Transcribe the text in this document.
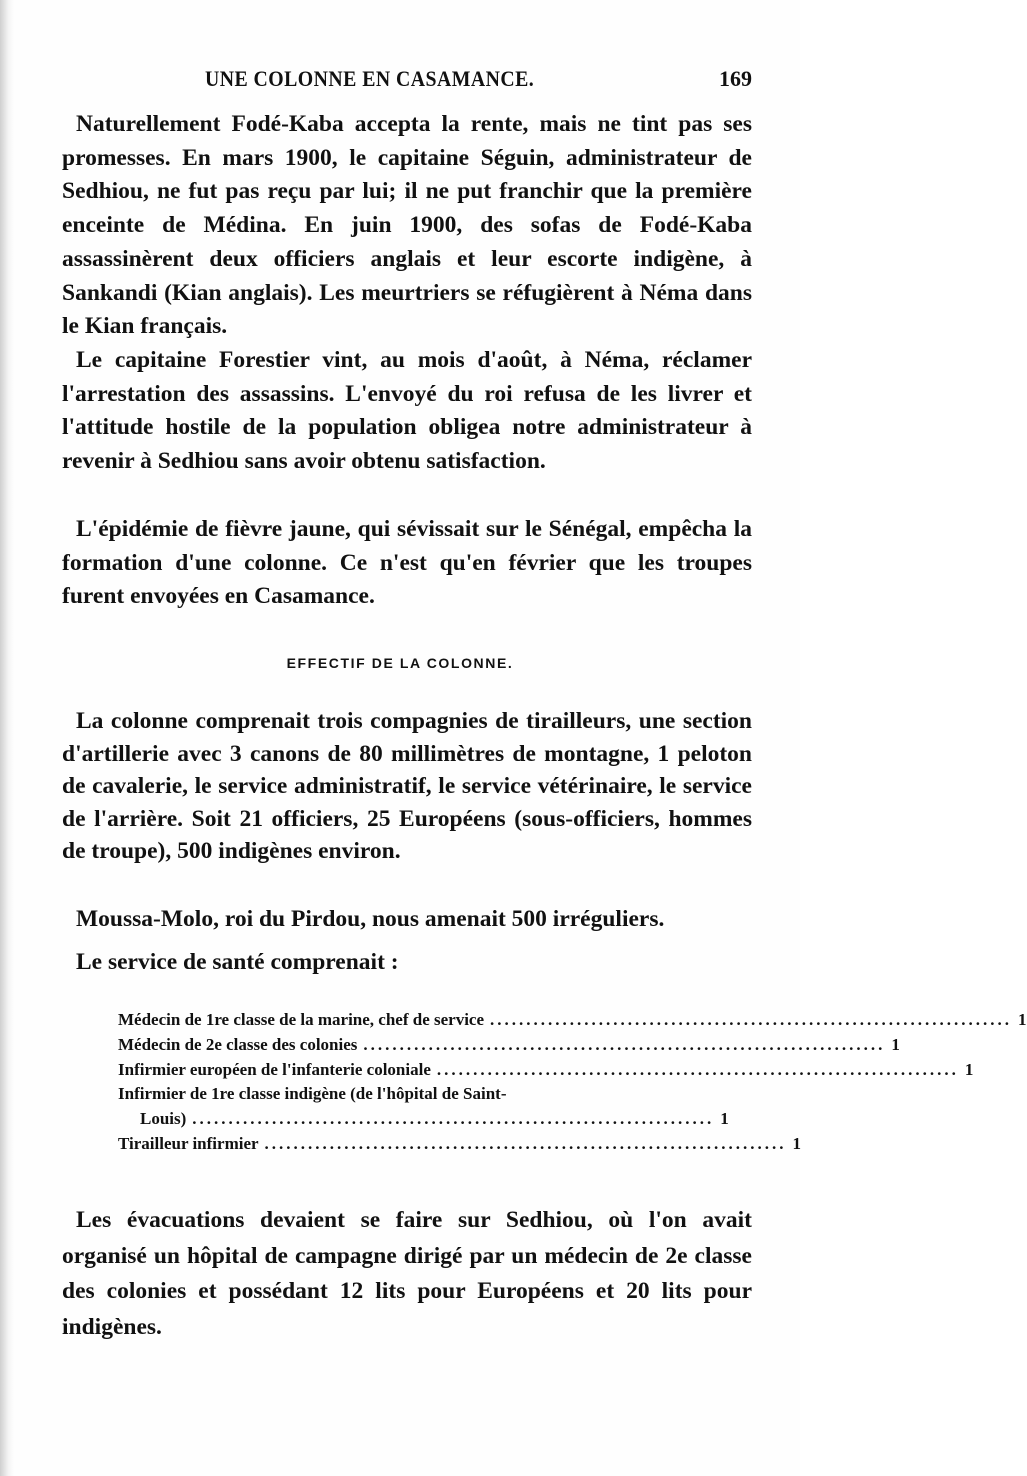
UNE COLONNE EN CASAMANCE.	169

Naturellement Fodé-Kaba accepta la rente, mais ne tint pas ses promesses. En mars 1900, le capitaine Séguin, administrateur de Sedhiou, ne fut pas reçu par lui; il ne put franchir que la première enceinte de Médina. En juin 1900, des sofas de Fodé-Kaba assassinèrent deux officiers anglais et leur escorte indigène, à Sankandi (Kian anglais). Les meurtriers se réfugièrent à Néma dans le Kian français.

Le capitaine Forestier vint, au mois d'août, à Néma, réclamer l'arrestation des assassins. L'envoyé du roi refusa de les livrer et l'attitude hostile de la population obligea notre administrateur à revenir à Sedhiou sans avoir obtenu satisfaction.

L'épidémie de fièvre jaune, qui sévissait sur le Sénégal, empêcha la formation d'une colonne. Ce n'est qu'en février que les troupes furent envoyées en Casamance.

EFFECTIF DE LA COLONNE.

La colonne comprenait trois compagnies de tirailleurs, une section d'artillerie avec 3 canons de 80 millimètres de montagne, 1 peloton de cavalerie, le service administratif, le service vétérinaire, le service de l'arrière. Soit 21 officiers, 25 Européens (sous-officiers, hommes de troupe), 500 indigènes environ.

Moussa-Molo, roi du Pirdou, nous amenait 500 irréguliers.

Le service de santé comprenait :

Médecin de 1re classe de la marine, chef de service ........................................................................ 1
Médecin de 2e classe des colonies ........................................................................ 1
Infirmier européen de l'infanterie coloniale ........................................................................ 1
Infirmier de 1re classe indigène (de l'hôpital de Saint-
Louis) ........................................................................ 1
Tirailleur infirmier ........................................................................ 1

Les évacuations devaient se faire sur Sedhiou, où l'on avait organisé un hôpital de campagne dirigé par un médecin de 2e classe des colonies et possédant 12 lits pour Européens et 20 lits pour indigènes.
